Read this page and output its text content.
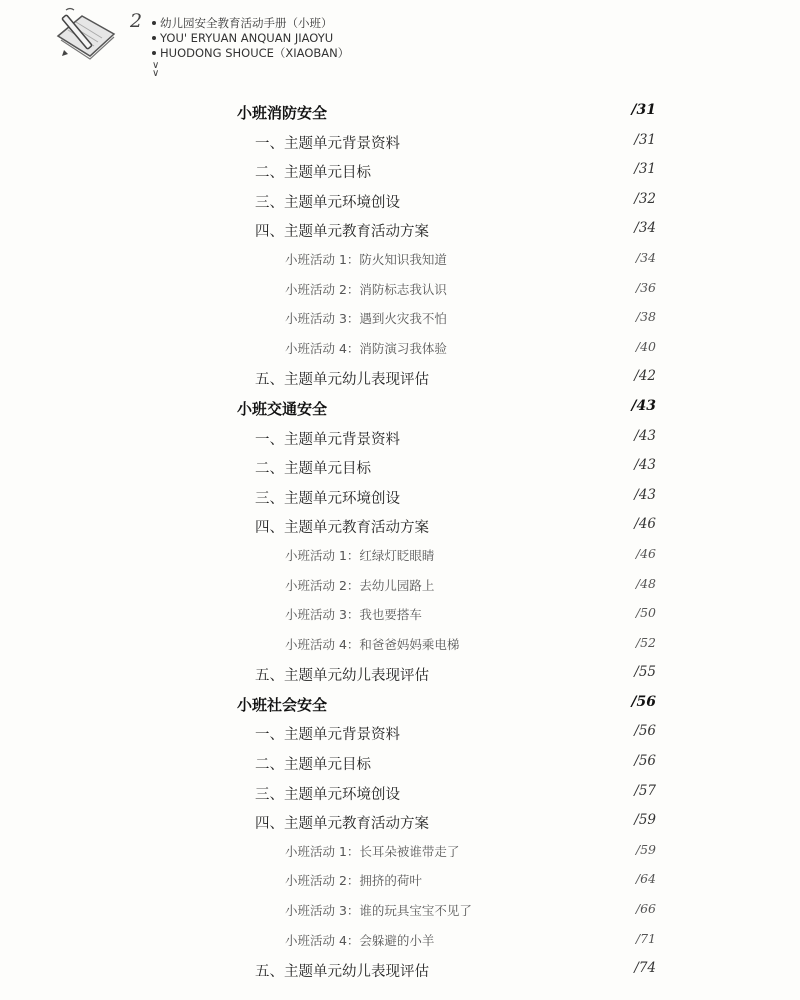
2	幼儿园安全教育活动手册（小班）
YOU' ERYUAN ANQUAN JIAOYU
HUODONG SHOUCE（XIAOBAN）
∨
∨
小班消防安全	/31
一、主题单元背景资料	/31
二、主题单元目标	/31
三、主题单元环境创设	/32
四、主题单元教育活动方案	/34
小班活动 1：防火知识我知道	/34
小班活动 2：消防标志我认识	/36
小班活动 3：遇到火灾我不怕	/38
小班活动 4：消防演习我体验	/40
五、主题单元幼儿表现评估	/42
小班交通安全	/43
一、主题单元背景资料	/43
二、主题单元目标	/43
三、主题单元环境创设	/43
四、主题单元教育活动方案	/46
小班活动 1：红绿灯眨眼睛	/46
小班活动 2：去幼儿园路上	/48
小班活动 3：我也要搭车	/50
小班活动 4：和爸爸妈妈乘电梯	/52
五、主题单元幼儿表现评估	/55
小班社会安全	/56
一、主题单元背景资料	/56
二、主题单元目标	/56
三、主题单元环境创设	/57
四、主题单元教育活动方案	/59
小班活动 1：长耳朵被谁带走了	/59
小班活动 2：拥挤的荷叶	/64
小班活动 3：谁的玩具宝宝不见了	/66
小班活动 4：会躲避的小羊	/71
五、主题单元幼儿表现评估	/74
